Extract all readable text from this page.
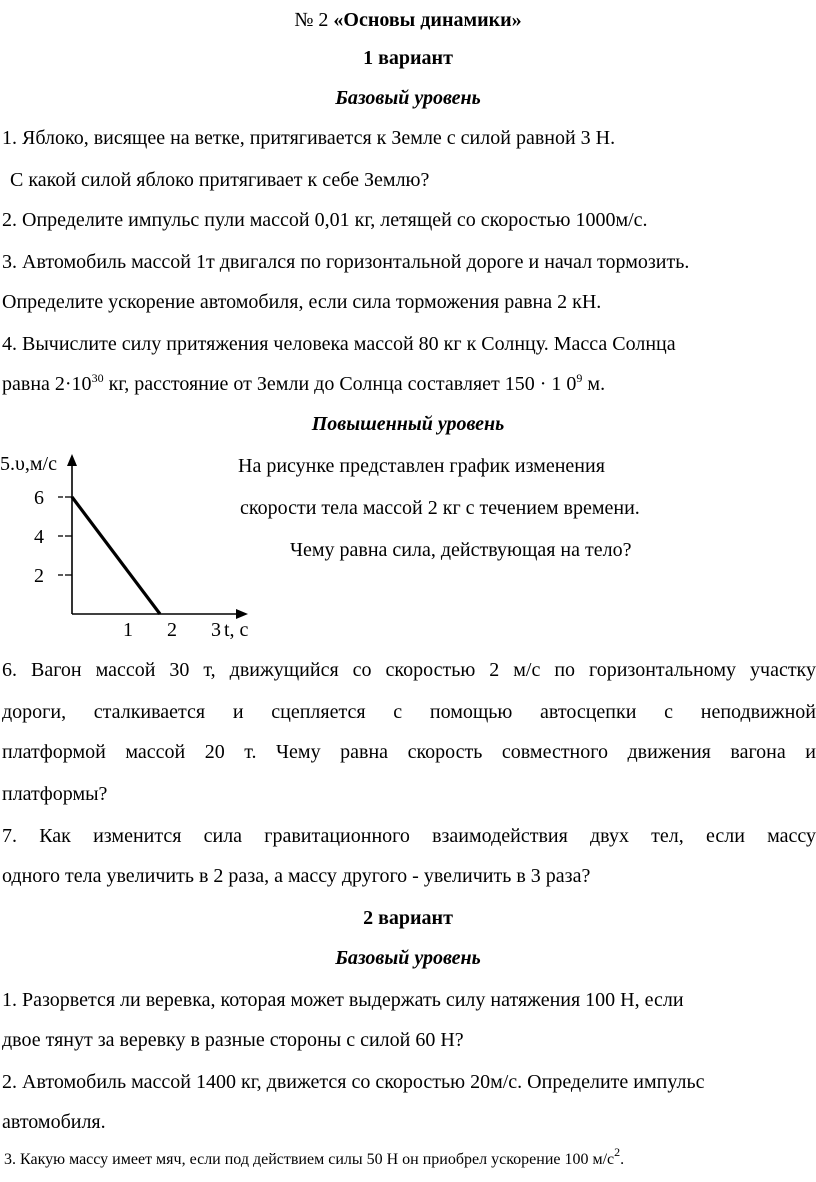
№ 2 «Основы динамики»
1 вариант
Базовый уровень
1. Яблоко, висящее на ветке, притягивается к Земле с силой равной 3 Н.
С какой силой яблоко притягивает к себе Землю?
2. Определите импульс пули массой 0,01 кг, летящей со скоростью 1000м/с.
3. Автомобиль массой 1т двигался по горизонтальной дороге и начал тормозить.
Определите ускорение автомобиля, если сила торможения равна 2 кН.
4. Вычислите силу притяжения человека массой 80 кг к Солнцу. Масса Солнца
равна $2\cdot 10^{30}$ кг, расстояние от Земли до Солнца составляет 150 · 1 $0^9$ м.
Повышенный уровень
5.υ,м/с
6
4
2
1 2 3 t, c
На рисунке представлен график изменения
скорости тела массой 2 кг с течением времени.
Чему равна сила, действующая на тело?
6. Вагон массой 30 т, движущийся со скоростью 2 м/с по горизонтальному участку
дороги, сталкивается и сцепляется с помощью автосцепки с неподвижной
платформой массой 20 т. Чему равна скорость совместного движения вагона и
платформы?
7. Как изменится сила гравитационного взаимодействия двух тел, если массу
одного тела увеличить в 2 раза, а массу другого - увеличить в 3 раза?
2 вариант
Базовый уровень
1. Разорвется ли веревка, которая может выдержать силу натяжения 100 Н, если
двое тянут за веревку в разные стороны с силой 60 Н?
2. Автомобиль массой 1400 кг, движется со скоростью 20м/с. Определите импульс
автомобиля.
3. Какую массу имеет мяч, если под действием силы 50 Н он приобрел ускорение 100 $м/с^2$.
